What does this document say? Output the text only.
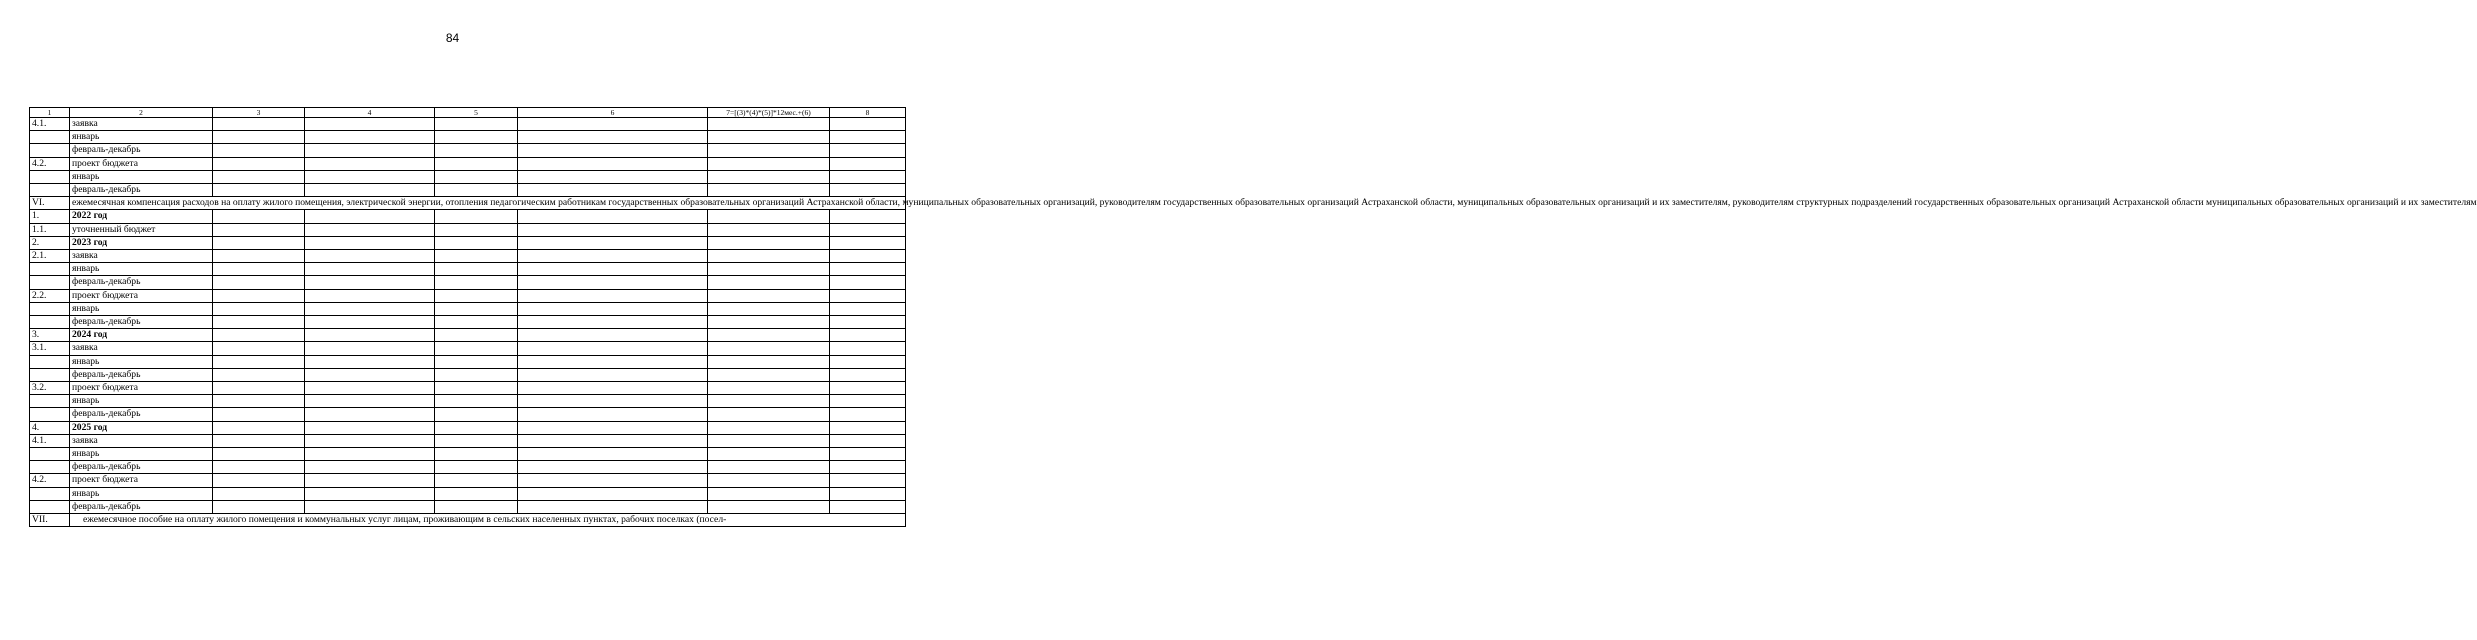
84
1	2	3	4	5	6	7=[(3)*(4)*(5)]*12мес.+(6)	8
4.1.	заявка						
	январь						
	февраль-декабрь						
4.2.	проект бюджета						
	январь						
	февраль-декабрь						
VI.	ежемесячная компенсация расходов на оплату жилого помещения, электрической энергии, отопления педагогическим работникам государственных образовательных организаций Астраханской области, муниципальных образовательных организаций, руководителям государственных образовательных организаций Астраханской области, муниципальных образовательных организаций и их заместителям, руководителям структурных подразделений государственных образовательных организаций Астраханской области муниципальных образовательных организаций и их заместителям						
1.	2022 год						
1.1.	уточненный бюджет						
2.	2023 год						
2.1.	заявка						
	январь						
	февраль-декабрь						
2.2.	проект бюджета						
	январь						
	февраль-декабрь						
3.	2024 год						
3.1.	заявка						
	январь						
	февраль-декабрь						
3.2.	проект бюджета						
	январь						
	февраль-декабрь						
4.	2025 год						
4.1.	заявка						
	январь						
	февраль-декабрь						
4.2.	проект бюджета						
	январь						
	февраль-декабрь						
VII.	ежемесячное пособие на оплату жилого помещения и коммунальных услуг лицам, проживающим в сельских населенных пунктах, рабочих поселках (посел-						
